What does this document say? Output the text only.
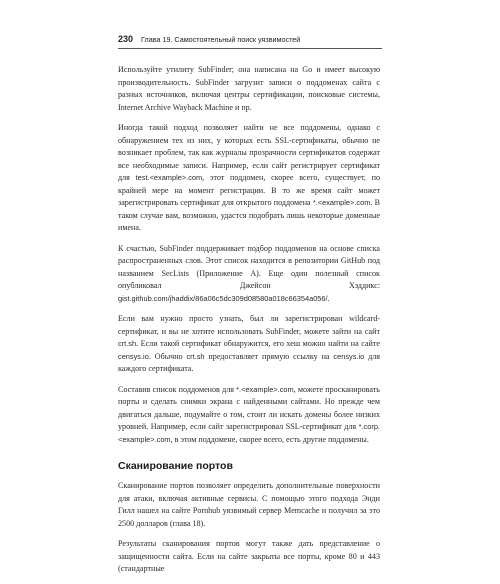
230 Глава 19. Самостоятельный поиск уязвимостей

Используйте утилиту SubFinder; она написана на Go и имеет высокую производительность. SubFinder загрузит записи о поддоменах сайта с разных источников, включая центры сертификации, поисковые системы, Internet Archive Wayback Machine и пр.

Иногда такой подход позволяет найти не все поддомены, однако с обнаружением тех из них, у которых есть SSL-сертификаты, обычно не возникает проблем, так как журналы прозрачности сертификатов содержат все необходимые записи. Например, если сайт регистрирует сертификат для test.<example>.com, этот поддомен, скорее всего, существует, по крайней мере на момент регистрации. В то же время сайт может зарегистрировать сертификат для открытого поддомена *.<example>.com. В таком случае вам, возможно, удастся подобрать лишь некоторые доменные имена.

К счастью, SubFinder поддерживает подбор поддоменов на основе списка распространенных слов. Этот список находится в репозитории GitHub под названием SecLists (Приложение A). Еще один полезный список опубликовал Джейсон Хэддикс: gist.github.com/jhaddix/86a06c5dc309d08580a018c66354a056/.

Если вам нужно просто узнать, был ли зарегистрирован wildcard-сертификат, и вы не хотите использовать SubFinder, можете зайти на сайт crt.sh. Если такой сертификат обнаружится, его хеш можно найти на сайте censys.io. Обычно crt.sh предоставляет прямую ссылку на censys.io для каждого сертификата.

Составив список поддоменов для *.<example>.com, можете просканировать порты и сделать снимки экрана с найденными сайтами. Но прежде чем двигаться дальше, подумайте о том, стоит ли искать домены более низких уровней. Например, если сайт зарегистрировал SSL-сертификат для *.corp.<example>.com, в этом поддомене, скорее всего, есть другие поддомены.

Сканирование портов

Сканирование портов позволяет определить дополнительные поверхности для атаки, включая активные сервисы. С помощью этого подхода Энди Гилл нашел на сайте Pornhub уязвимый сервер Memcache и получил за это 2500 долларов (глава 18).

Результаты сканирования портов могут также дать представление о защищенности сайта. Если на сайте закрыты все порты, кроме 80 и 443 (стандартные
